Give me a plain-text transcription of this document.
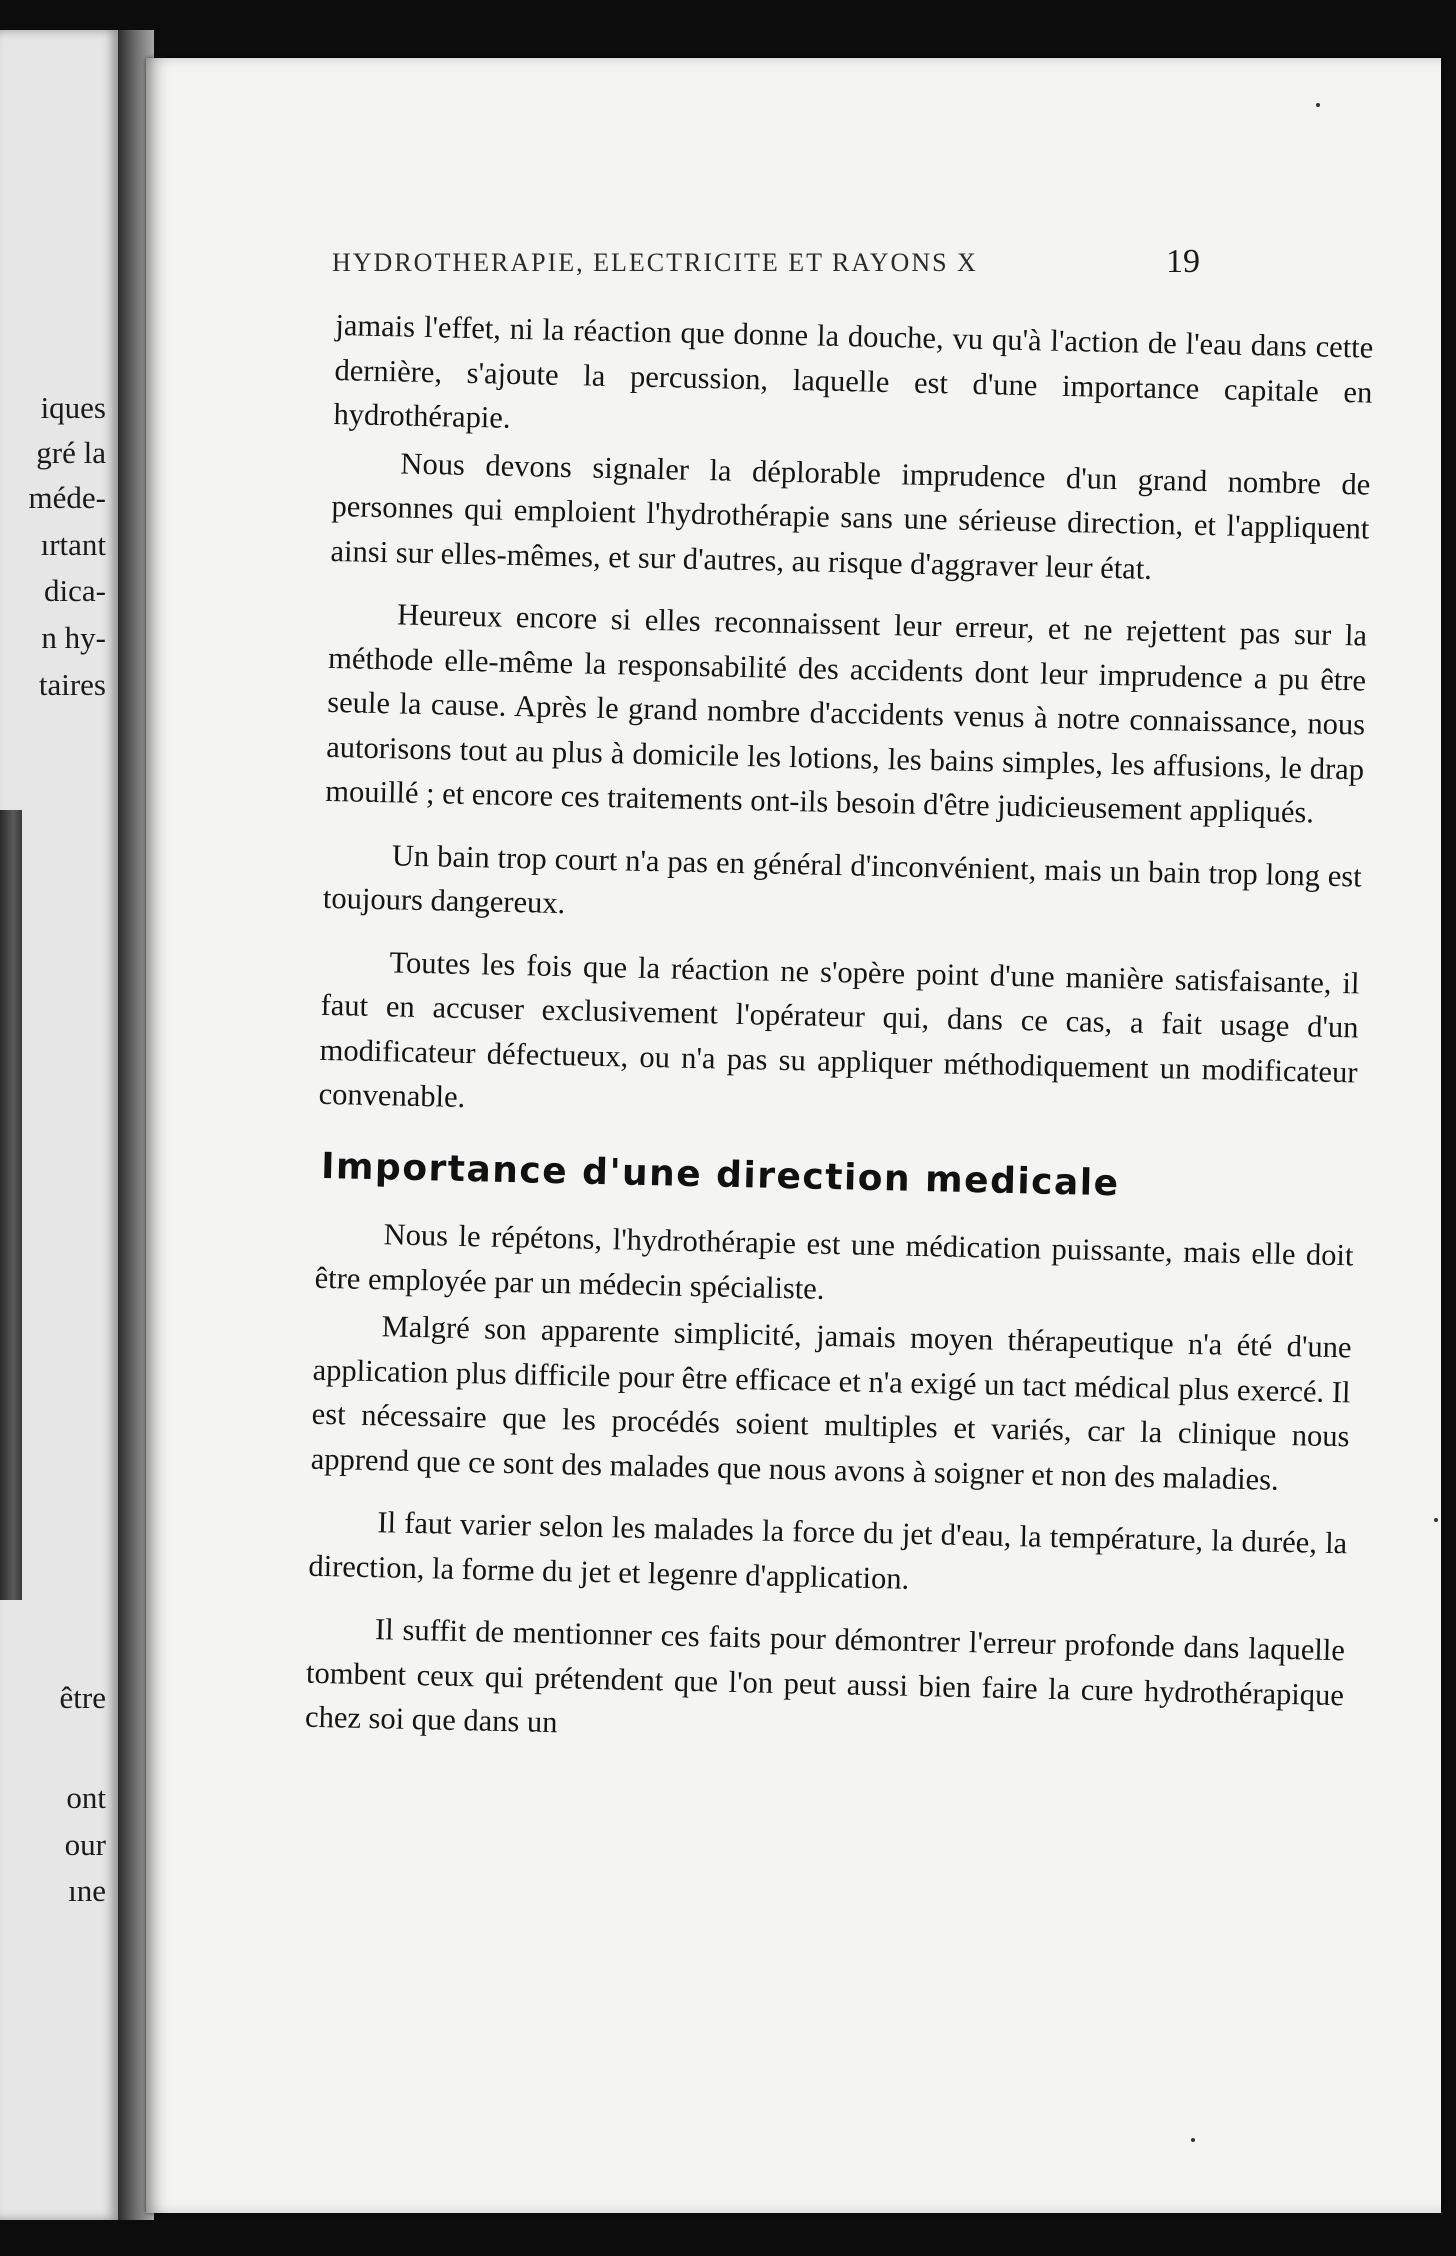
iques
gré la
méde-
ırtant
dica-
n hy-
taires
être
ont
our
ıne
HYDROTHERAPIE, ELECTRICITE ET RAYONS X	19

jamais l'effet, ni la réaction que donne la douche, vu qu'à l'action de l'eau dans cette dernière, s'ajoute la percussion, laquelle est d'une importance capitale en hydrothérapie.

Nous devons signaler la déplorable imprudence d'un grand nombre de personnes qui emploient l'hydrothérapie sans une sérieuse direction, et l'appliquent ainsi sur elles-mêmes, et sur d'autres, au risque d'aggraver leur état.

Heureux encore si elles reconnaissent leur erreur, et ne rejettent pas sur la méthode elle-même la responsabilité des accidents dont leur imprudence a pu être seule la cause. Après le grand nombre d'accidents venus à notre connaissance, nous autorisons tout au plus à domicile les lotions, les bains simples, les affusions, le drap mouillé ; et encore ces traitements ont-ils besoin d'être judicieusement appliqués.

Un bain trop court n'a pas en général d'inconvénient, mais un bain trop long est toujours dangereux.

Toutes les fois que la réaction ne s'opère point d'une manière satisfaisante, il faut en accuser exclusivement l'opérateur qui, dans ce cas, a fait usage d'un modificateur défectueux, ou n'a pas su appliquer méthodiquement un modificateur convenable.

Importance d'une direction medicale

Nous le répétons, l'hydrothérapie est une médication puissante, mais elle doit être employée par un médecin spécialiste.

Malgré son apparente simplicité, jamais moyen thérapeutique n'a été d'une application plus difficile pour être efficace et n'a exigé un tact médical plus exercé. Il est nécessaire que les procédés soient multiples et variés, car la clinique nous apprend que ce sont des malades que nous avons à soigner et non des maladies.

Il faut varier selon les malades la force du jet d'eau, la température, la durée, la direction, la forme du jet et legenre d'application.

Il suffit de mentionner ces faits pour démontrer l'erreur profonde dans laquelle tombent ceux qui prétendent que l'on peut aussi bien faire la cure hydrothérapique chez soi que dans un
